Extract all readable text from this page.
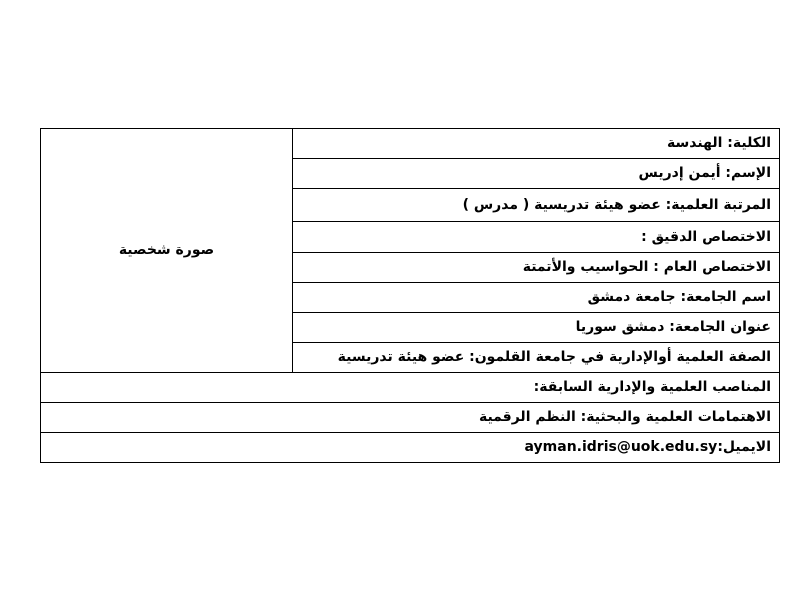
الكلية: الهندسة	صورة شخصية
الإسم: أيمن إدريس
المرتبة العلمية: عضو هيئة تدريسية ( مدرس )
الاختصاص الدقيق :
الاختصاص العام : الحواسيب والأتمتة
اسم الجامعة: جامعة دمشق
عنوان الجامعة: دمشق سوريا
الصفة العلمية أوالإدارية في جامعة القلمون: عضو هيئة تدريسية
المناصب العلمية والإدارية السابقة:
الاهتمامات العلمية والبحثية: النظم الرقمية
الايميل:ayman.idris@uok.edu.sy
